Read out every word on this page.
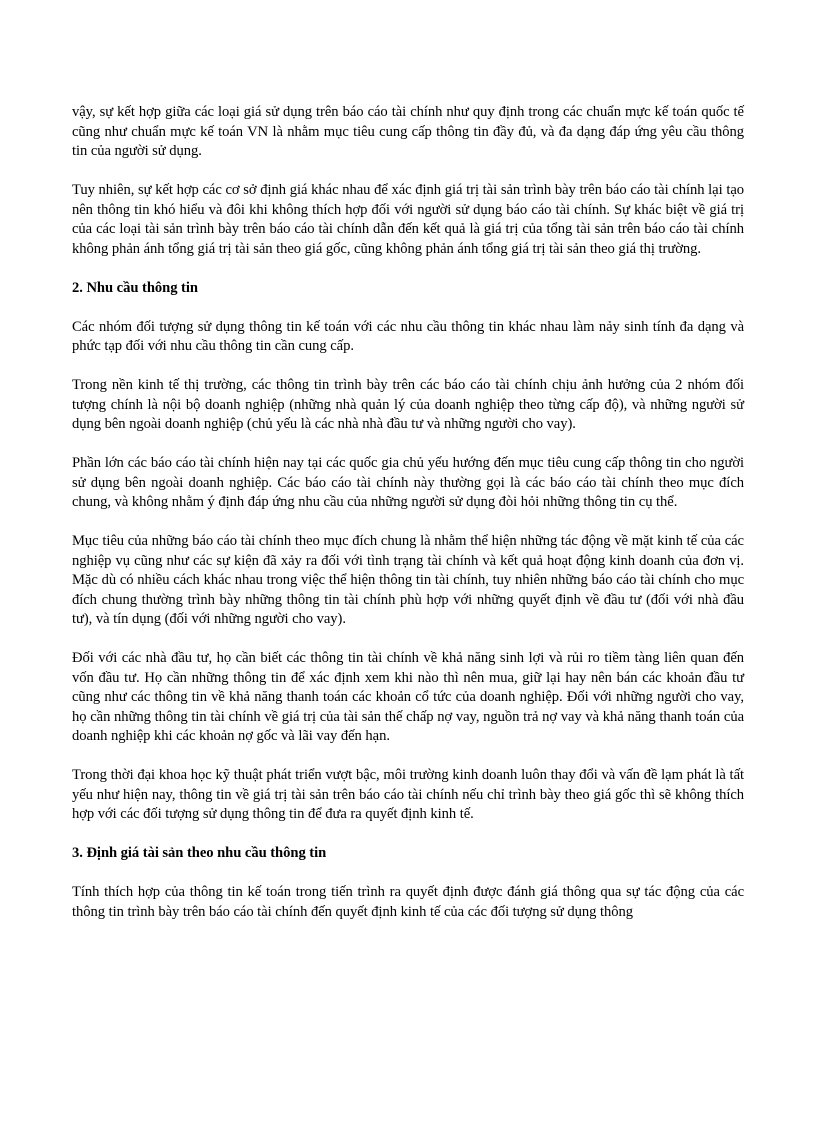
vậy, sự kết hợp giữa các loại giá sử dụng trên báo cáo tài chính như quy định trong các chuẩn mực kế toán quốc tế cũng như chuẩn mực kế toán VN là nhằm mục tiêu cung cấp thông tin đầy đủ, và đa dạng đáp ứng yêu cầu thông tin của người sử dụng.

Tuy nhiên, sự kết hợp các cơ sở định giá khác nhau để xác định giá trị tài sản trình bày trên báo cáo tài chính lại tạo nên thông tin khó hiểu và đôi khi không thích hợp đối với người sử dụng báo cáo tài chính. Sự khác biệt về giá trị của các loại tài sản trình bày trên báo cáo tài chính dẫn đến kết quả là giá trị của tổng tài sản trên báo cáo tài chính không phản ánh tổng giá trị tài sản theo giá gốc, cũng không phản ánh tổng giá trị tài sản theo giá thị trường.

2. Nhu cầu thông tin

Các nhóm đối tượng sử dụng thông tin kế toán với các nhu cầu thông tin khác nhau làm nảy sinh tính đa dạng và phức tạp đối với nhu cầu thông tin cần cung cấp.

Trong nền kinh tế thị trường, các thông tin trình bày trên các báo cáo tài chính chịu ảnh hưởng của 2 nhóm đối tượng chính là nội bộ doanh nghiệp (những nhà quản lý của doanh nghiệp theo từng cấp độ), và những người sử dụng bên ngoài doanh nghiệp (chủ yếu là các nhà nhà đầu tư và những người cho vay).

Phần lớn các báo cáo tài chính hiện nay tại các quốc gia chủ yếu hướng đến mục tiêu cung cấp thông tin cho người sử dụng bên ngoài doanh nghiệp. Các báo cáo tài chính này thường gọi là các báo cáo tài chính theo mục đích chung, và không nhằm ý định đáp ứng nhu cầu của những người sử dụng đòi hỏi những thông tin cụ thể.

Mục tiêu của những báo cáo tài chính theo mục đích chung là nhằm thể hiện những tác động về mặt kinh tế của các nghiệp vụ cũng như các sự kiện đã xảy ra đối với tình trạng tài chính và kết quả hoạt động kinh doanh của đơn vị. Mặc dù có nhiều cách khác nhau trong việc thể hiện thông tin tài chính, tuy nhiên những báo cáo tài chính cho mục đích chung thường trình bày những thông tin tài chính phù hợp với những quyết định về đầu tư (đối với nhà đầu tư), và tín dụng (đối với những người cho vay).

Đối với các nhà đầu tư, họ cần biết các thông tin tài chính về khả năng sinh lợi và rủi ro tiềm tàng liên quan đến vốn đầu tư. Họ cần những thông tin để xác định xem khi nào thì nên mua, giữ lại hay nên bán các khoản đầu tư cũng như các thông tin về khả năng thanh toán các khoản cổ tức của doanh nghiệp. Đối với những người cho vay, họ cần những thông tin tài chính về giá trị của tài sản thế chấp nợ vay, nguồn trả nợ vay và khả năng thanh toán của doanh nghiệp khi các khoản nợ gốc và lãi vay đến hạn.

Trong thời đại khoa học kỹ thuật phát triển vượt bậc, môi trường kinh doanh luôn thay đổi và vấn đề lạm phát là tất yếu như hiện nay, thông tin về giá trị tài sản trên báo cáo tài chính nếu chỉ trình bày theo giá gốc thì sẽ không thích hợp với các đối tượng sử dụng thông tin để đưa ra quyết định kinh tế.

3. Định giá tài sản theo nhu cầu thông tin

Tính thích hợp của thông tin kế toán trong tiến trình ra quyết định được đánh giá thông qua sự tác động của các thông tin trình bày trên báo cáo tài chính đến quyết định kinh tế của các đối tượng sử dụng thông
